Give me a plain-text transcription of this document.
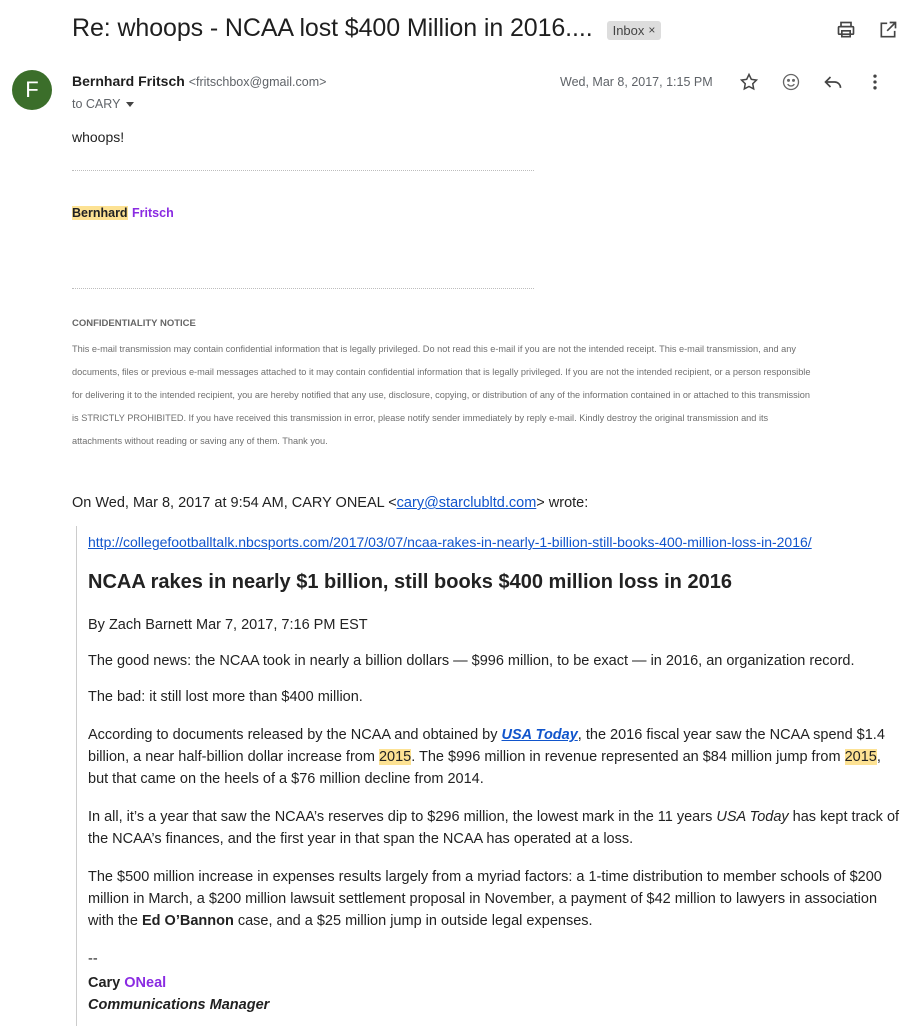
Re: whoops - NCAA lost $400 Million in 2016.... Inbox ×
F Bernhard Fritsch <fritschbox@gmail.com>
to CARY
Wed, Mar 8, 2017, 1:15 PM
whoops!
Bernhard Fritsch
CONFIDENTIALITY NOTICE
This e-mail transmission may contain confidential information that is legally privileged. Do not read this e-mail if you are not the intended receipt. This e-mail transmission, and any
documents, files or previous e-mail messages attached to it may contain confidential information that is legally privileged. If you are not the intended recipient, or a person responsible
for delivering it to the intended recipient, you are hereby notified that any use, disclosure, copying, or distribution of any of the information contained in or attached to this transmission
is STRICTLY PROHIBITED. If you have received this transmission in error, please notify sender immediately by reply e-mail. Kindly destroy the original transmission and its
attachments without reading or saving any of them. Thank you.
On Wed, Mar 8, 2017 at 9:54 AM, CARY ONEAL <cary@starclubltd.com> wrote:
http://collegefootballtalk.nbcsports.com/2017/03/07/ncaa-rakes-in-nearly-1-billion-still-books-400-million-loss-in-2016/
NCAA rakes in nearly $1 billion, still books $400 million loss in 2016
By Zach Barnett Mar 7, 2017, 7:16 PM EST
The good news: the NCAA took in nearly a billion dollars — $996 million, to be exact — in 2016, an organization record.
The bad: it still lost more than $400 million.
According to documents released by the NCAA and obtained by USA Today, the 2016 fiscal year saw the NCAA spend $1.4 billion, a near half-billion dollar increase from 2015. The $996 million in revenue represented an $84 million jump from 2015, but that came on the heels of a $76 million decline from 2014.
In all, it’s a year that saw the NCAA’s reserves dip to $296 million, the lowest mark in the 11 years USA Today has kept track of the NCAA’s finances, and the first year in that span the NCAA has operated at a loss.
The $500 million increase in expenses results largely from a myriad factors: a 1-time distribution to member schools of $200 million in March, a $200 million lawsuit settlement proposal in November, a payment of $42 million to lawyers in association with the Ed O’Bannon case, and a $25 million jump in outside legal expenses.
--
Cary ONeal
Communications Manager
